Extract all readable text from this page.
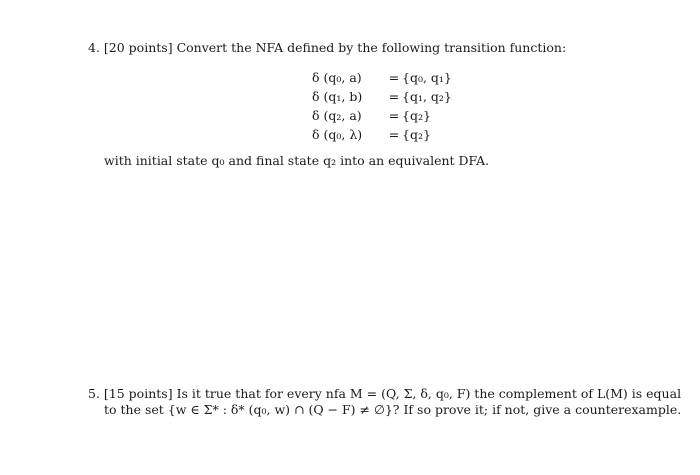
4. [20 points] Convert the NFA defined by the following transition function:
δ (q₀, a) = {q₀, q₁}
δ (q₁, b) = {q₁, q₂}
δ (q₂, a) = {q₂}
δ (q₀, λ) = {q₂}
with initial state q₀ and final state q₂ into an equivalent DFA.
5. [15 points] Is it true that for every nfa M = (Q, Σ, δ, q₀, F) the complement of L(M) is equal
to the set {w ∈ Σ* : δ* (q₀, w) ∩ (Q − F) ≠ ∅}? If so prove it; if not, give a counterexample.
